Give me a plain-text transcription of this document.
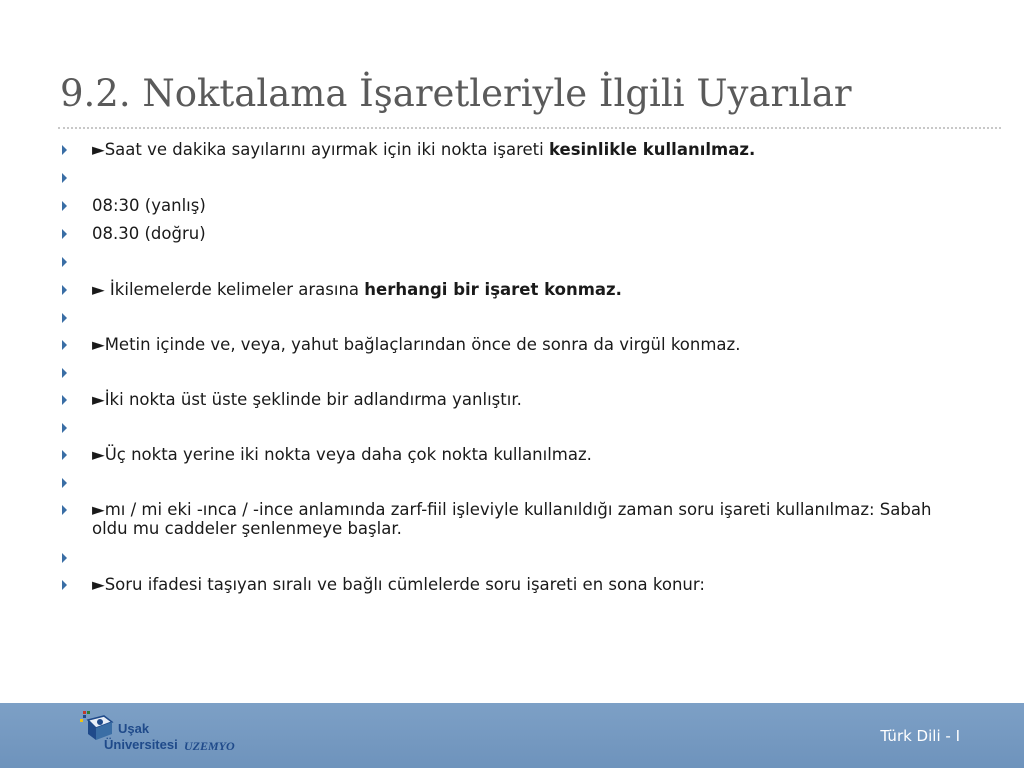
9.2. Noktalama İşaretleriyle İlgili Uyarılar
►Saat ve dakika sayılarını ayırmak için iki nokta işareti kesinlikle kullanılmaz.
08:30 (yanlış)
08.30 (doğru)
► İkilemelerde kelimeler arasına herhangi bir işaret konmaz.
►Metin içinde ve, veya, yahut bağlaçlarından önce de sonra da virgül konmaz.
►İki nokta üst üste şeklinde bir adlandırma yanlıştır.
►Üç nokta yerine iki nokta veya daha çok nokta kullanılmaz.
►mı / mi eki -ınca / -ince anlamında zarf-fiil işleviyle kullanıldığı zaman soru işareti kullanılmaz: Sabah oldu mu caddeler şenlenmeye başlar.
►Soru ifadesi taşıyan sıralı ve bağlı cümlelerde soru işareti en sona konur:
Uşak
Üniversitesi UZEMYO
Türk Dili - I
